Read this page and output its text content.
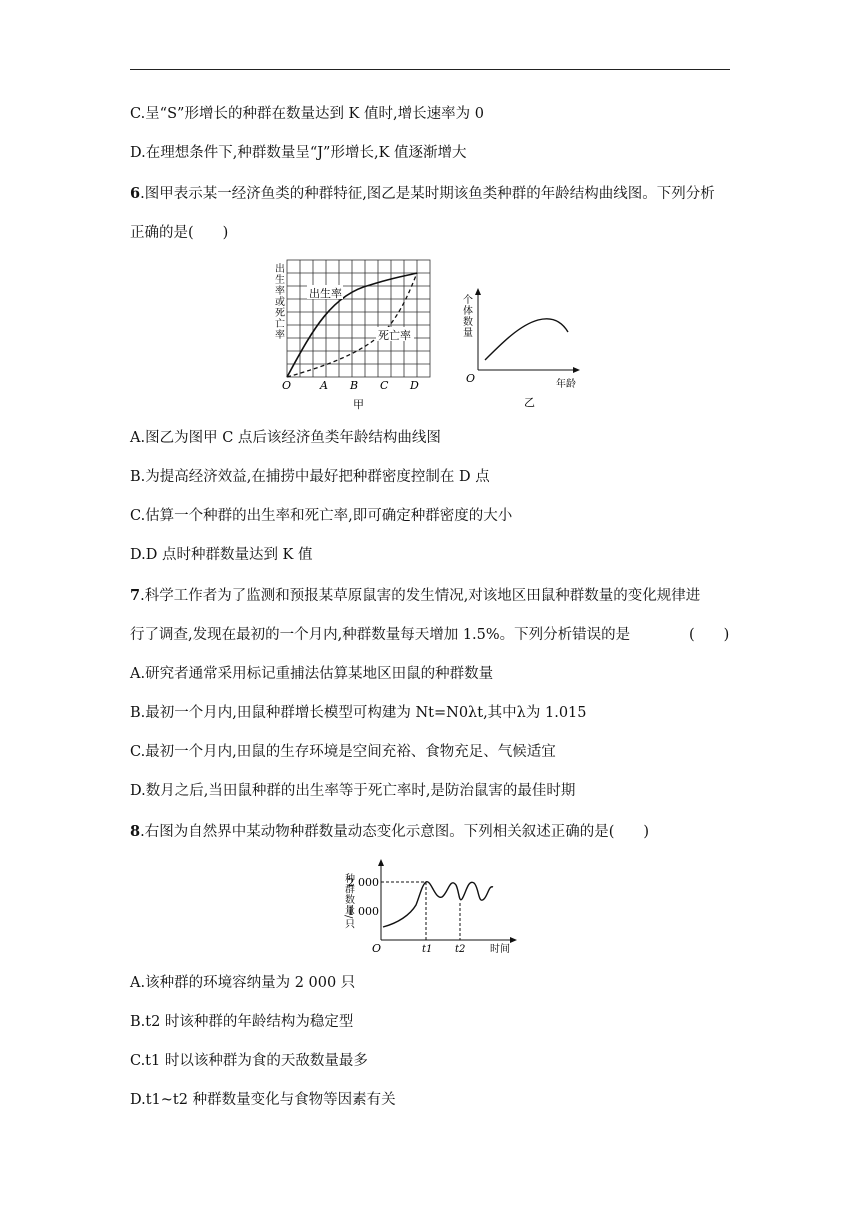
C.呈“S”形增长的种群在数量达到 K 值时,增长速率为 0
D.在理想条件下,种群数量呈“J”形增长,K 值逐渐增大
6.图甲表示某一经济鱼类的种群特征,图乙是某时期该鱼类种群的年龄结构曲线图。下列分析
正确的是(　　)
出生率
死亡率
出生率或死亡率
O	A B C D
甲
个体数量
O	年龄
乙
A.图乙为图甲 C 点后该经济鱼类年龄结构曲线图
B.为提高经济效益,在捕捞中最好把种群密度控制在 D 点
C.估算一个种群的出生率和死亡率,即可确定种群密度的大小
D.D 点时种群数量达到 K 值
7.科学工作者为了监测和预报某草原鼠害的发生情况,对该地区田鼠种群数量的变化规律进
行了调查,发现在最初的一个月内,种群数量每天增加 1.5%。下列分析错误的是	(　　)
A.研究者通常采用标记重捕法估算某地区田鼠的种群数量
B.最初一个月内,田鼠种群增长模型可构建为 Nt=N0λt,其中λ为 1.015
C.最初一个月内,田鼠的生存环境是空间充裕、食物充足、气候适宜
D.数月之后,当田鼠种群的出生率等于死亡率时,是防治鼠害的最佳时期
8.右图为自然界中某动物种群数量动态变化示意图。下列相关叙述正确的是(　　)
种群数量/只
2 000
1 000
O	t1 t2 时间
A.该种群的环境容纳量为 2 000 只
B.t2 时该种群的年龄结构为稳定型
C.t1 时以该种群为食的天敌数量最多
D.t1~t2 种群数量变化与食物等因素有关
